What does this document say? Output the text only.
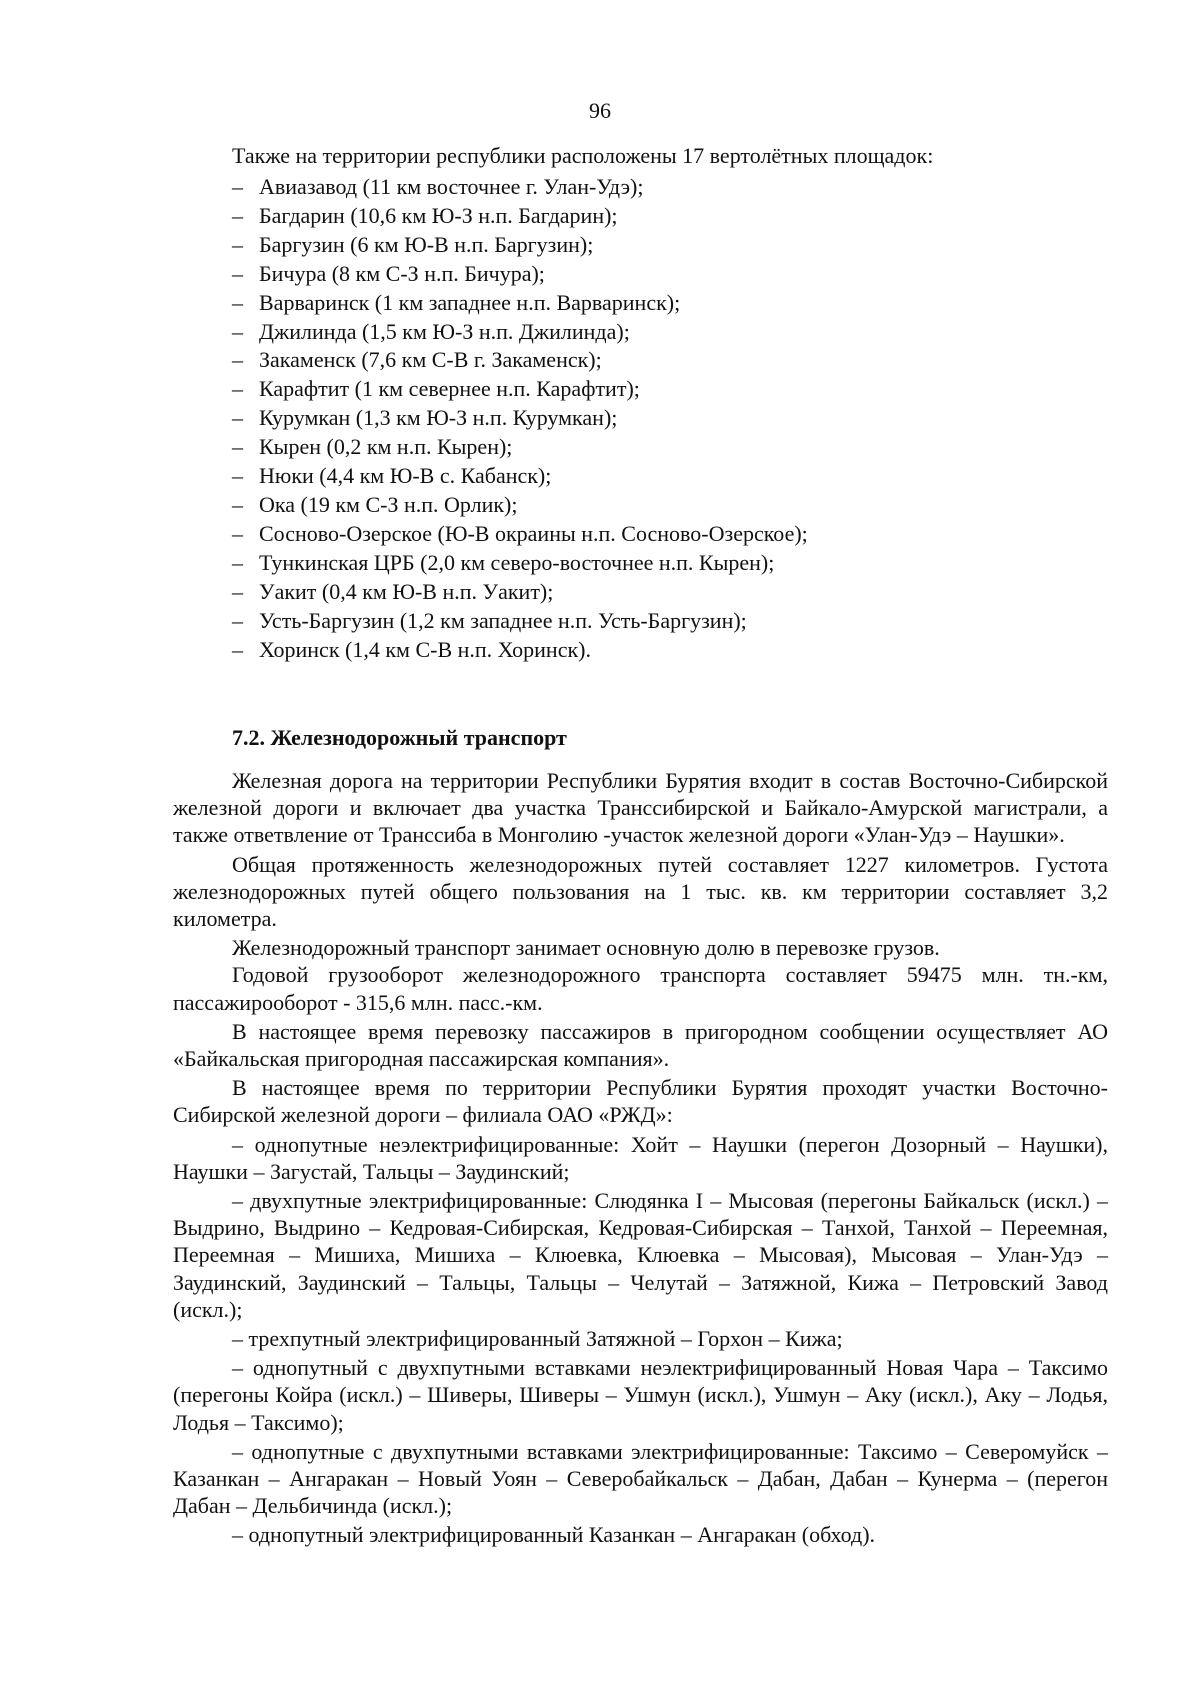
96
Также на территории республики расположены 17 вертолётных площадок:
– Авиазавод (11 км восточнее г. Улан-Удэ);
– Багдарин (10,6 км Ю-З н.п. Багдарин);
– Баргузин (6 км Ю-В н.п. Баргузин);
– Бичура (8 км С-З н.п. Бичура);
– Варваринск (1 км западнее н.п. Варваринск);
– Джилинда (1,5 км Ю-З н.п. Джилинда);
– Закаменск (7,6 км С-В г. Закаменск);
– Карафтит (1 км севернее н.п. Карафтит);
– Курумкан (1,3 км Ю-З н.п. Курумкан);
– Кырен (0,2 км н.п. Кырен);
– Нюки (4,4 км Ю-В с. Кабанск);
– Ока (19 км С-З н.п. Орлик);
– Сосново-Озерское (Ю-В окраины н.п. Сосново-Озерское);
– Тункинская ЦРБ (2,0 км северо-восточнее н.п. Кырен);
– Уакит (0,4 км Ю-В н.п. Уакит);
– Усть-Баргузин (1,2 км западнее н.п. Усть-Баргузин);
– Хоринск (1,4 км С-В н.п. Хоринск).
7.2. Железнодорожный транспорт

Железная дорога на территории Республики Бурятия входит в состав Восточно-Сибирской железной дороги и включает два участка Транссибирской и Байкало-Амурской магистрали, а также ответвление от Транссиба в Монголию -участок железной дороги «Улан-Удэ – Наушки».

Общая протяженность железнодорожных путей составляет 1227 километров. Густота железнодорожных путей общего пользования на 1 тыс. кв. км территории составляет 3,2 километра.

Железнодорожный транспорт занимает основную долю в перевозке грузов.

Годовой грузооборот железнодорожного транспорта составляет 59475 млн. тн.-км, пассажирооборот - 315,6 млн. пасс.-км.

В настоящее время перевозку пассажиров в пригородном сообщении осуществляет АО «Байкальская пригородная пассажирская компания».

В настоящее время по территории Республики Бурятия проходят участки Восточно-Сибирской железной дороги – филиала ОАО «РЖД»:

– однопутные неэлектрифицированные: Хойт – Наушки (перегон Дозорный – Наушки), Наушки – Загустай, Тальцы – Заудинский;

– двухпутные электрифицированные: Слюдянка I – Мысовая (перегоны Байкальск (искл.) – Выдрино, Выдрино – Кедровая-Сибирская, Кедровая-Сибирская – Танхой, Танхой – Переемная, Переемная – Мишиха, Мишиха – Клюевка, Клюевка – Мысовая), Мысовая – Улан-Удэ – Заудинский, Заудинский – Тальцы, Тальцы – Челутай – Затяжной, Кижа – Петровский Завод (искл.);

– трехпутный электрифицированный Затяжной – Горхон – Кижа;

– однопутный с двухпутными вставками неэлектрифицированный Новая Чара – Таксимо (перегоны Койра (искл.) – Шиверы, Шиверы – Ушмун (искл.), Ушмун – Аку (искл.), Аку – Лодья, Лодья – Таксимо);

– однопутные с двухпутными вставками электрифицированные: Таксимо – Северомуйск – Казанкан – Ангаракан – Новый Уоян – Северобайкальск – Дабан, Дабан – Кунерма – (перегон Дабан – Дельбичинда (искл.);

– однопутный электрифицированный Казанкан – Ангаракан (обход).
